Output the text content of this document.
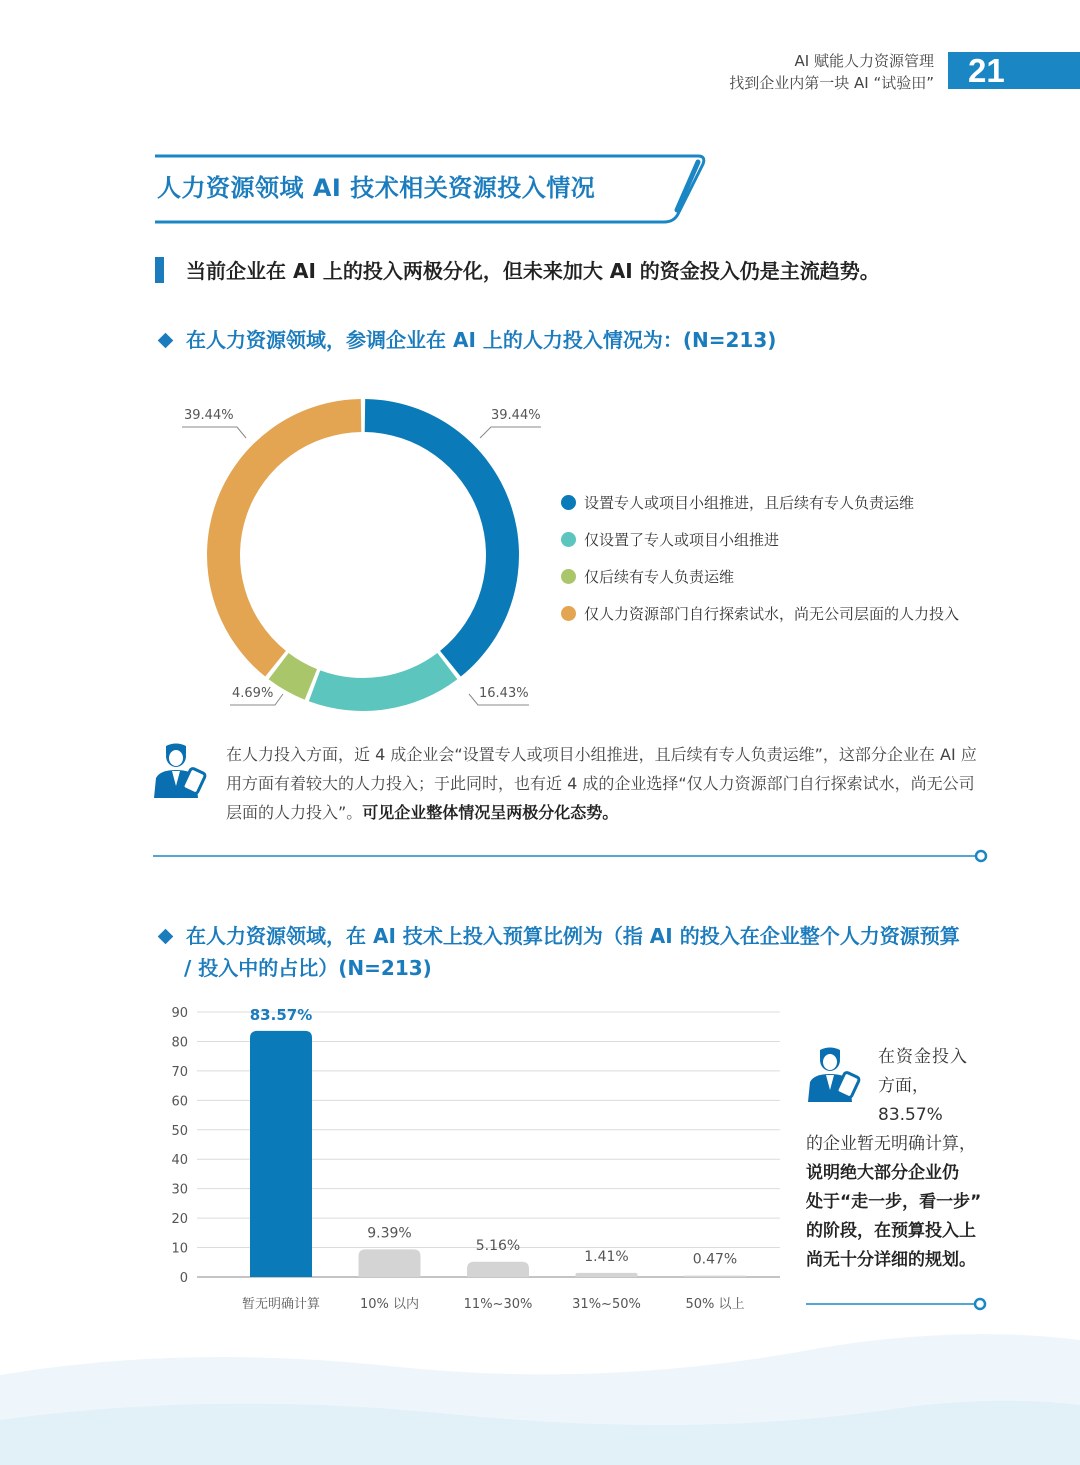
AI 赋能人力资源管理
找到企业内第一块 AI “试验田”	21
人力资源领域 AI 技术相关资源投入情况
当前企业在 AI 上的投入两极分化，但未来加大 AI 的资金投入仍是主流趋势。
在人力资源领域，参调企业在 AI 上的人力投入情况为：(N=213)
39.44%	39.44%
4.69%	16.43%
设置专人或项目小组推进，且后续有专人负责运维
仅设置了专人或项目小组推进
仅后续有专人负责运维
仅人力资源部门自行探索试水，尚无公司层面的人力投入
在人力投入方面，近 4 成企业会“设置专人或项目小组推进，且后续有专人负责运维”，这部分企业在 AI 应用方面有着较大的人力投入；于此同时，也有近 4 成的企业选择“仅人力资源部门自行探索试水，尚无公司层面的人力投入”。可见企业整体情况呈两极分化态势。
在人力资源领域，在 AI 技术上投入预算比例为（指 AI 的投入在企业整个人力资源预算
/ 投入中的占比）(N=213)
0
10
20
30
40
50
60
70
80
90	83.57%
暂无明确计算
9.39%
10% 以内
5.16%
11%~30%
1.41%
31%~50%
0.47%
50% 以上
在资金投入
方面，83.57%
的企业暂无明确计算，
说明绝大部分企业仍
处于“走一步，看一步”
的阶段，在预算投入上
尚无十分详细的规划。
